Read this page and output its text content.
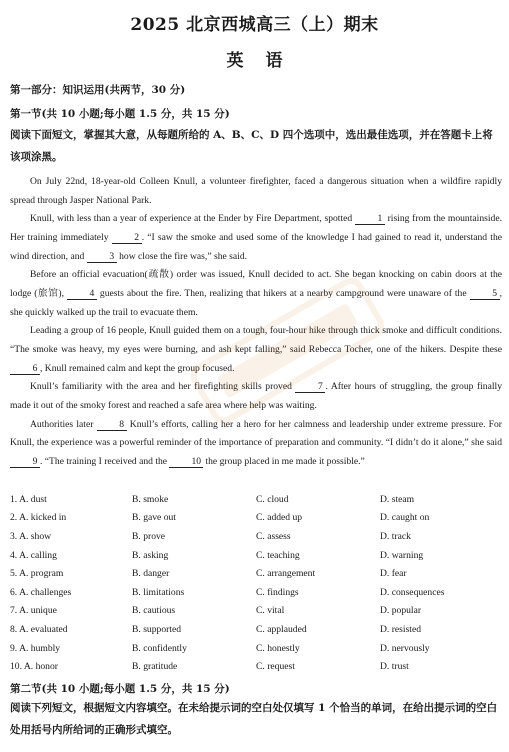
2025 北京西城高三（上）期末
英语
第一部分：知识运用(共两节，30 分)
第一节(共 10 小题;每小题 1.5 分，共 15 分)
阅读下面短文，掌握其大意，从每题所给的 A、B、C、D 四个选项中，选出最佳选项，并在答题卡上将该项涂黑。

On July 22nd, 18-year-old Colleen Knull, a volunteer firefighter, faced a dangerous situation when a wildfire rapidly spread through Jasper National Park.

Knull, with less than a year of experience at the Ender by Fire Department, spotted 1 rising from the mountainside. Her training immediately 2 . “I saw the smoke and used some of the knowledge I had gained to read it, understand the wind direction, and 3 how close the fire was,” she said.

Before an official evacuation(疏散) order was issued, Knull decided to act. She began knocking on cabin doors at the lodge (旅馆), 4 guests about the fire. Then, realizing that hikers at a nearby campground were unaware of the 5 , she quickly walked up the trail to evacuate them.

Leading a group of 16 people, Knull guided them on a tough, four-hour hike through thick smoke and difficult conditions. “The smoke was heavy, my eyes were burning, and ash kept falling,” said Rebecca Tocher, one of the hikers. Despite these 6 , Knull remained calm and kept the group focused.

Knull’s familiarity with the area and her firefighting skills proved 7 . After hours of struggling, the group finally made it out of the smoky forest and reached a safe area where help was waiting.

Authorities later 8 Knull’s efforts, calling her a hero for her calmness and leadership under extreme pressure. For Knull, the experience was a powerful reminder of the importance of preparation and community. “I didn’t do it alone,” she said 9 . “The training I received and the 10 the group placed in me made it possible.”

1. A. dust	B. smoke	C. cloud	D. steam
2. A. kicked in	B. gave out	C. added up	D. caught on
3. A. show	B. prove	C. assess	D. track
4. A. calling	B. asking	C. teaching	D. warning
5. A. program	B. danger	C. arrangement	D. fear
6. A. challenges	B. limitations	C. findings	D. consequences
7. A. unique	B. cautious	C. vital	D. popular
8. A. evaluated	B. supported	C. applauded	D. resisted
9. A. humbly	B. confidently	C. honestly	D. nervously
10. A. honor	B. gratitude	C. request	D. trust
第二节(共 10 小题;每小题 1.5 分，共 15 分)
阅读下列短文，根据短文内容填空。在未给提示词的空白处仅填写 1 个恰当的单词，在给出提示词的空白处用括号内所给词的正确形式填空。
